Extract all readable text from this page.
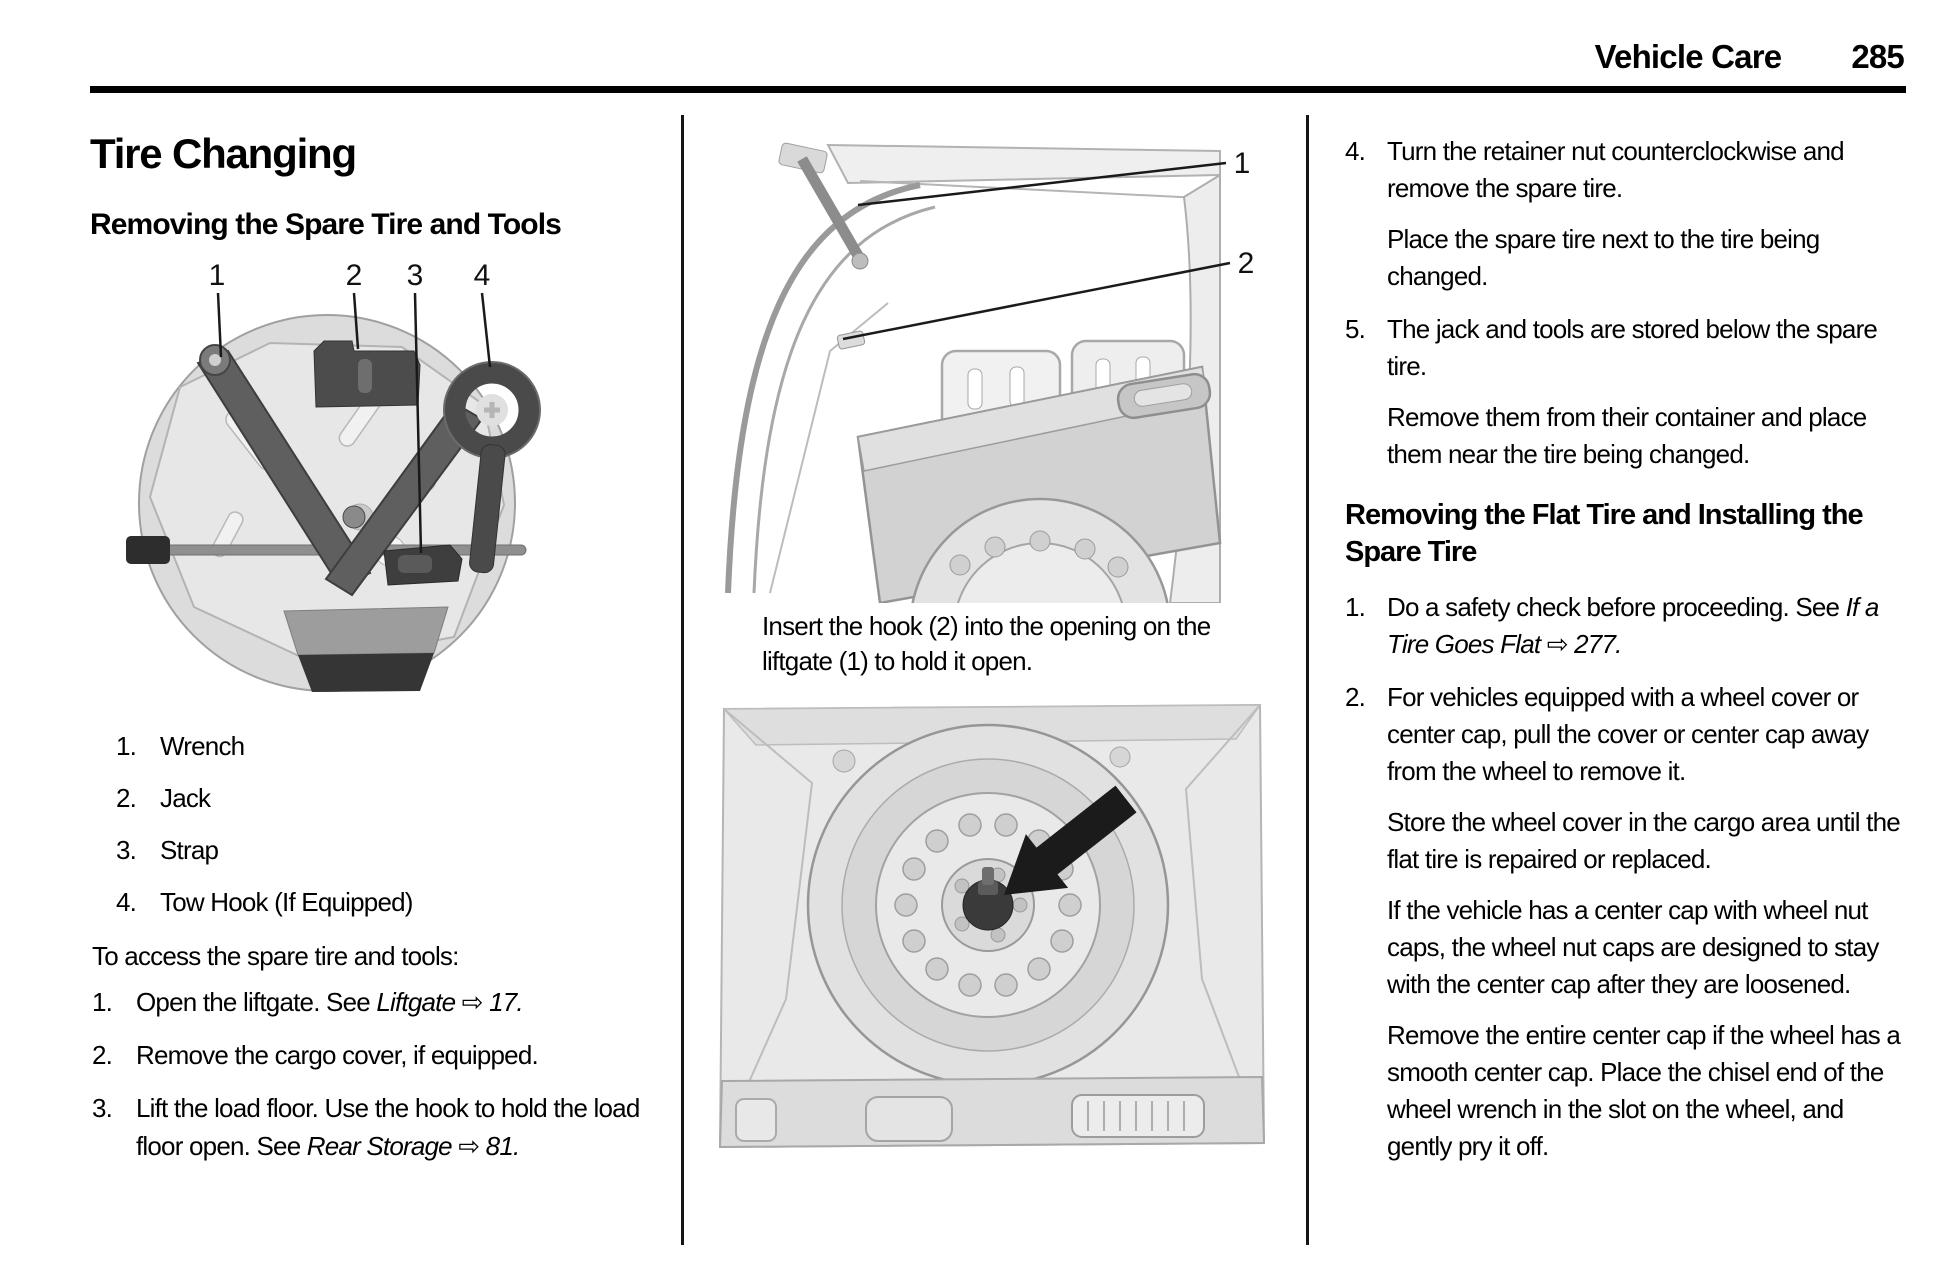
Vehicle Care 285
Tire Changing
Removing the Spare Tire and Tools
1	2 3 4
1. Wrench
2. Jack
3. Strap
4. Tow Hook (If Equipped)

To access the spare tire and tools:

1. Open the liftgate. See Liftgate ⇨ 17.
2. Remove the cargo cover, if equipped.
3. Lift the load floor. Use the hook to hold the load floor open. See Rear Storage ⇨ 81.
1
2

Insert the hook (2) into the opening on the liftgate (1) to hold it open.

4. Turn the retainer nut counterclockwise and remove the spare tire.

Place the spare tire next to the tire being changed.

5. The jack and tools are stored below the spare tire.

Remove them from their container and place them near the tire being changed.

Removing the Flat Tire and Installing the Spare Tire
1. Do a safety check before proceeding. See If a Tire Goes Flat ⇨ 277.

2. For vehicles equipped with a wheel cover or center cap, pull the cover or center cap away from the wheel to remove it.

Store the wheel cover in the cargo area until the flat tire is repaired or replaced.

If the vehicle has a center cap with wheel nut caps, the wheel nut caps are designed to stay with the center cap after they are loosened.

Remove the entire center cap if the wheel has a smooth center cap. Place the chisel end of the wheel wrench in the slot on the wheel, and gently pry it off.
